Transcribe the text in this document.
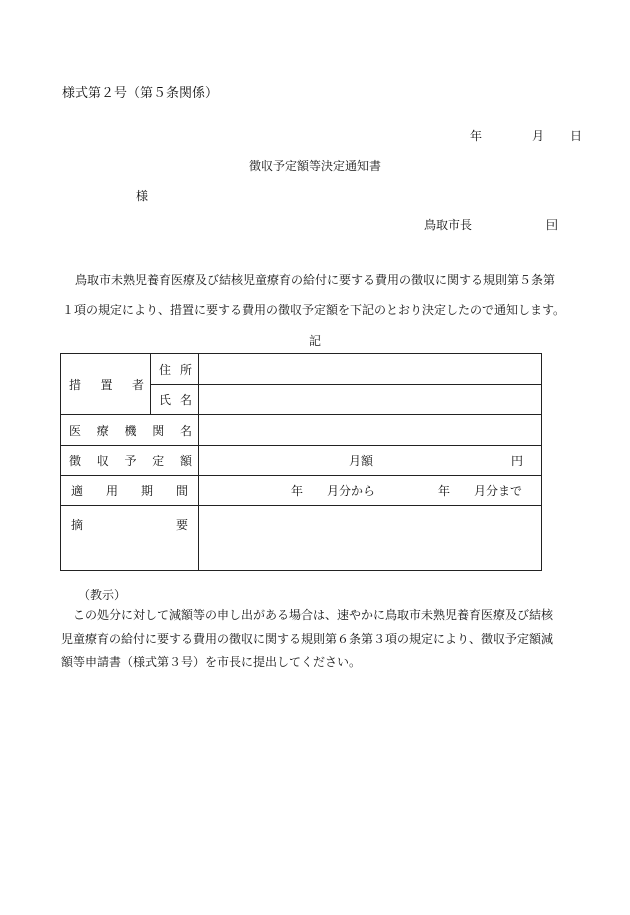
様式第２号（第５条関係）
年	月 日
徴収予定額等決定通知書
様
鳥取市長	囙
鳥取市未熟児養育医療及び結核児童療育の給付に要する費用の徴収に関する規則第５条第
１項の規定により、措置に要する費用の徴収予定額を下記のとおり決定したので通知します。
記
措 置 者	住 所	

	氏 名	

医 療 機 関 名		

徴 収 予 定 額		月額 円

適 用 期 間		年 月分から 年 月分まで

摘 要		

（教示）
この処分に対して減額等の申し出がある場合は、速やかに鳥取市未熟児養育医療及び結核
児童療育の給付に要する費用の徴収に関する規則第６条第３項の規定により、徴収予定額減
額等申請書（様式第３号）を市長に提出してください。
